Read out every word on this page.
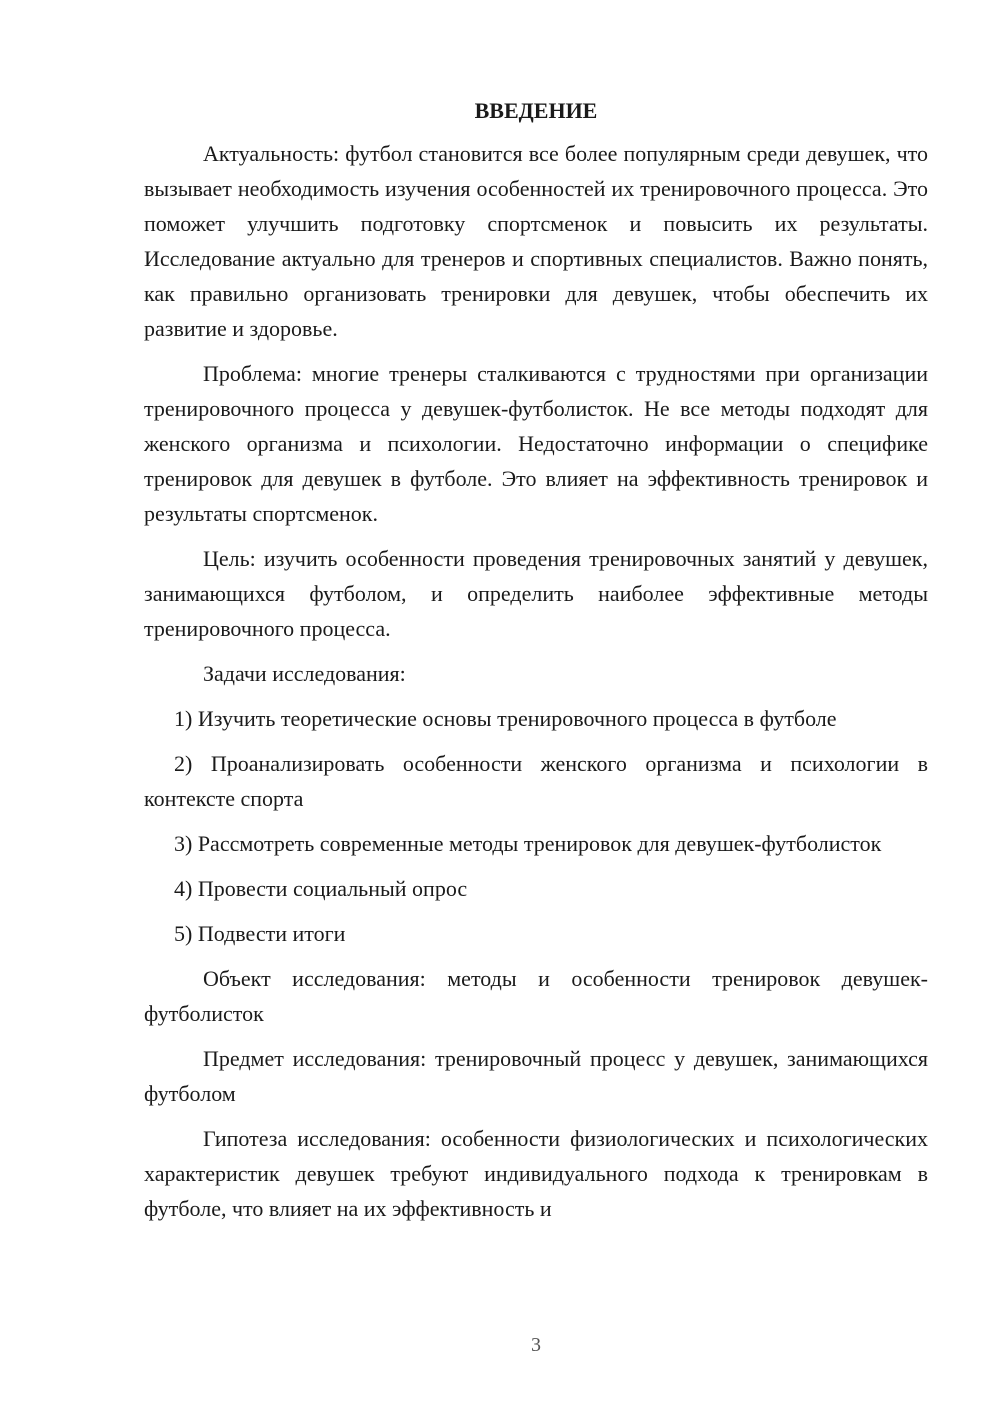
ВВЕДЕНИЕ

Актуальность: футбол становится все более популярным среди девушек, что вызывает необходимость изучения особенностей их тренировочного процесса. Это поможет улучшить подготовку спортсменок и повысить их результаты. Исследование актуально для тренеров и спортивных специалистов. Важно понять, как правильно организовать тренировки для девушек, чтобы обеспечить их развитие и здоровье.

Проблема: многие тренеры сталкиваются с трудностями при организации тренировочного процесса у девушек-футболисток. Не все методы подходят для женского организма и психологии. Недостаточно информации о специфике тренировок для девушек в футболе. Это влияет на эффективность тренировок и результаты спортсменок.

Цель: изучить особенности проведения тренировочных занятий у девушек, занимающихся футболом, и определить наиболее эффективные методы тренировочного процесса.

Задачи исследования:

1) Изучить теоретические основы тренировочного процесса в футболе

2) Проанализировать особенности женского организма и психологии в контексте спорта

3) Рассмотреть современные методы тренировок для девушек-футболисток

4) Провести социальный опрос

5) Подвести итоги

Объект исследования: методы и особенности тренировок девушек-футболисток

Предмет исследования: тренировочный процесс у девушек, занимающихся футболом

Гипотеза исследования: особенности физиологических и психологических характеристик девушек требуют индивидуального подхода к тренировкам в футболе, что влияет на их эффективность и

3
